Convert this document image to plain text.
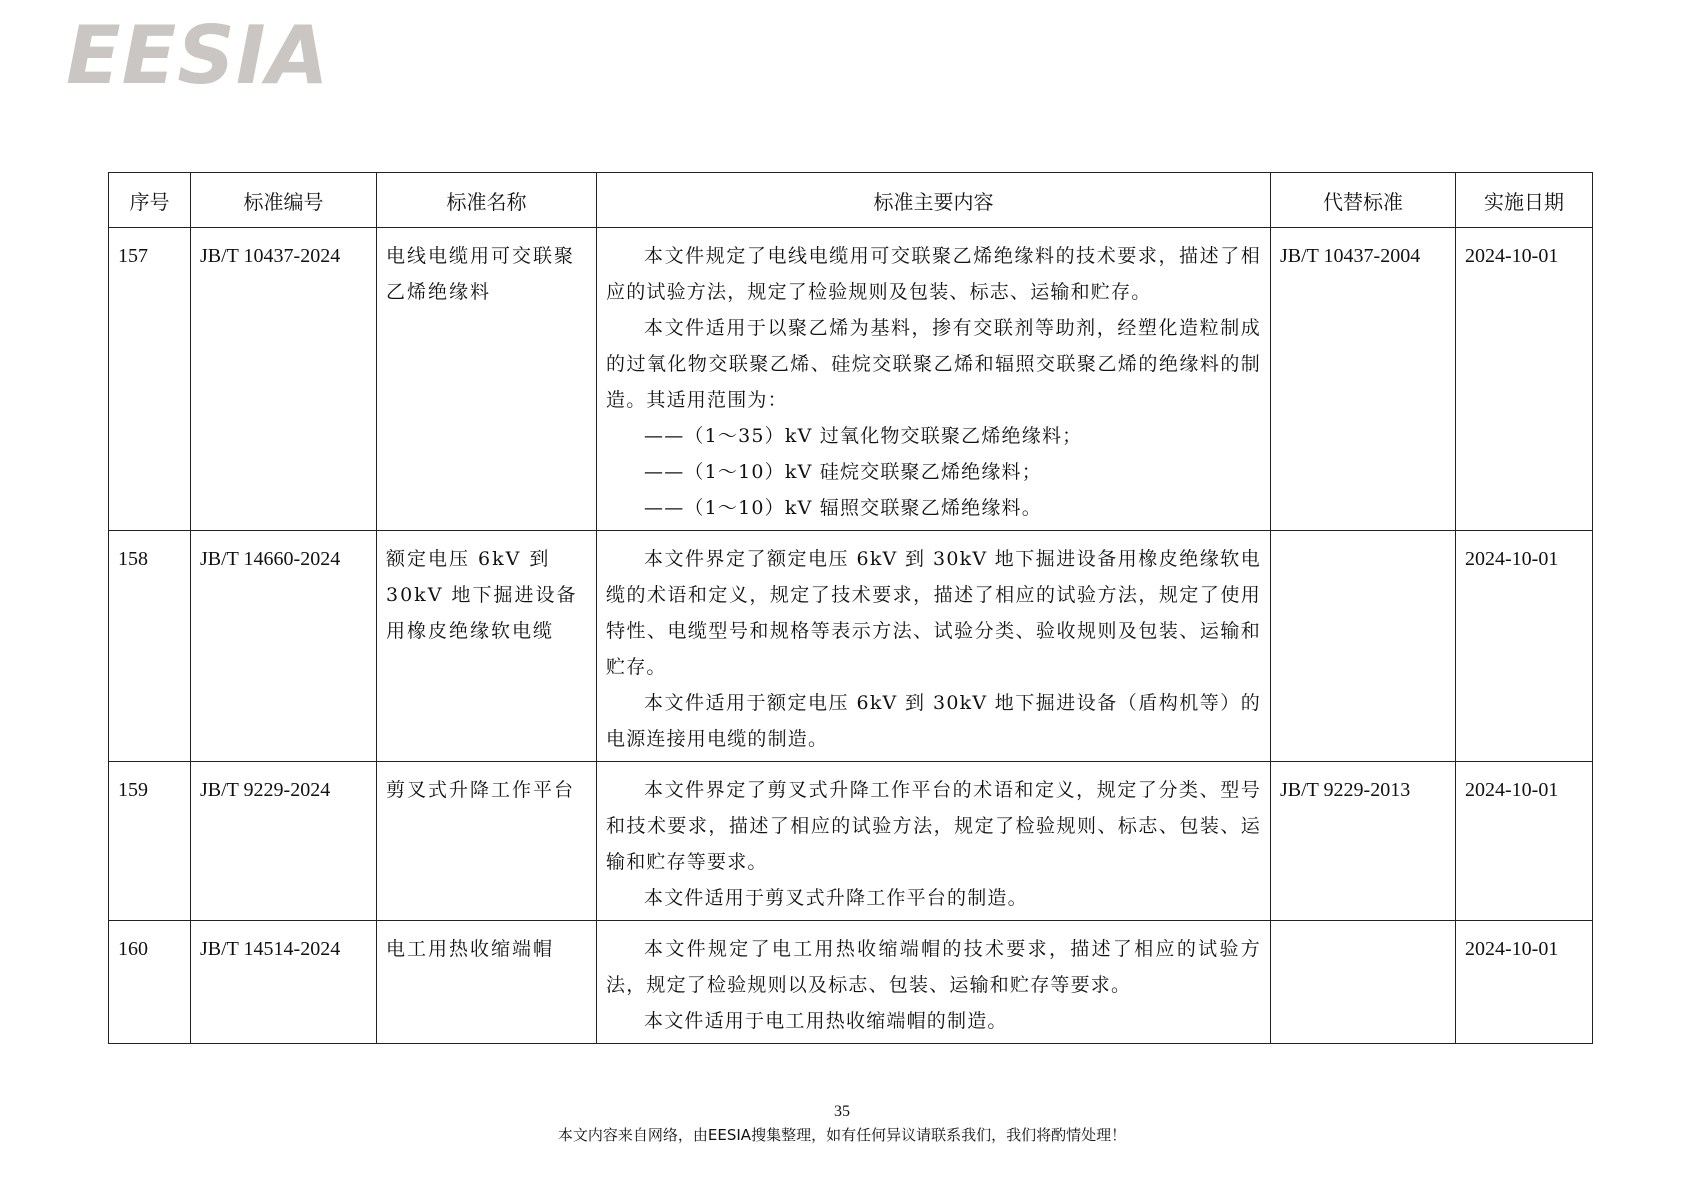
EESIA
序号	标准编号	标准名称	标准主要内容	代替标准	实施日期
157	JB/T 10437-2024	电线电缆用可交联聚乙烯绝缘料	本文件规定了电线电缆用可交联聚乙烯绝缘料的技术要求，描述了相应的试验方法，规定了检验规则及包装、标志、运输和贮存。
本文件适用于以聚乙烯为基料，掺有交联剂等助剂，经塑化造粒制成的过氧化物交联聚乙烯、硅烷交联聚乙烯和辐照交联聚乙烯的绝缘料的制造。其适用范围为：
——（1～35）kV 过氧化物交联聚乙烯绝缘料；
——（1～10）kV 硅烷交联聚乙烯绝缘料；
——（1～10）kV 辐照交联聚乙烯绝缘料。	JB/T 10437-2004	2024-10-01
158	JB/T 14660-2024	额定电压 6kV 到 30kV 地下掘进设备用橡皮绝缘软电缆	本文件界定了额定电压 6kV 到 30kV 地下掘进设备用橡皮绝缘软电缆的术语和定义，规定了技术要求，描述了相应的试验方法，规定了使用特性、电缆型号和规格等表示方法、试验分类、验收规则及包装、运输和贮存。
本文件适用于额定电压 6kV 到 30kV 地下掘进设备（盾构机等）的电源连接用电缆的制造。		2024-10-01
159	JB/T 9229-2024	剪叉式升降工作平台	本文件界定了剪叉式升降工作平台的术语和定义，规定了分类、型号和技术要求，描述了相应的试验方法，规定了检验规则、标志、包装、运输和贮存等要求。
本文件适用于剪叉式升降工作平台的制造。	JB/T 9229-2013	2024-10-01
160	JB/T 14514-2024	电工用热收缩端帽	本文件规定了电工用热收缩端帽的技术要求，描述了相应的试验方法，规定了检验规则以及标志、包装、运输和贮存等要求。
本文件适用于电工用热收缩端帽的制造。		2024-10-01
35
本文内容来自网络，由EESIA搜集整理，如有任何异议请联系我们，我们将酌情处理！
